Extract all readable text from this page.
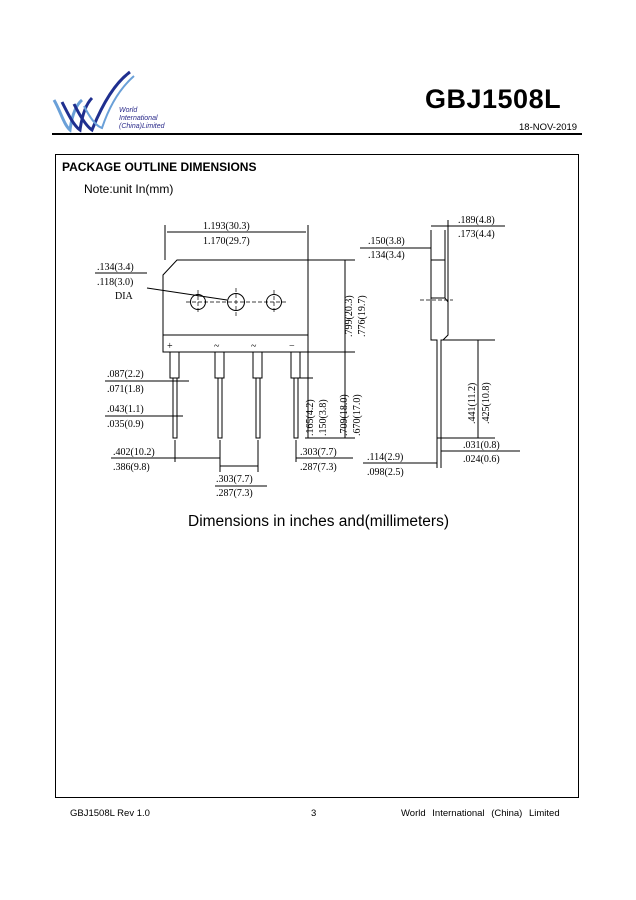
World
International
(China)Limited
GBJ1508L
18-NOV-2019
PACKAGE OUTLINE DIMENSIONS
Note:unit In(mm)
1.193(30.3)
1.170(29.7)
+	~	~	−
.134(3.4)
.118(3.0)
DIA
.087(2.2)
.071(1.8)
.043(1.1)
.035(0.9)
.402(10.2)
.386(9.8)
.303(7.7)
.287(7.3)
.303(7.7)
.287(7.3)
.799(20.3) .776(19.7)
.165(4.2) .150(3.8) .709(18.0) .670(17.0)
.150(3.8)
.134(3.4)
.189(4.8)
.173(4.4)
.441(11.2) .425(10.8)
.114(2.9)
.098(2.5)
.031(0.8)
.024(0.6)
Dimensions in inches and(millimeters)
GBJ1508L Rev 1.0	3	World International (China) Limited
